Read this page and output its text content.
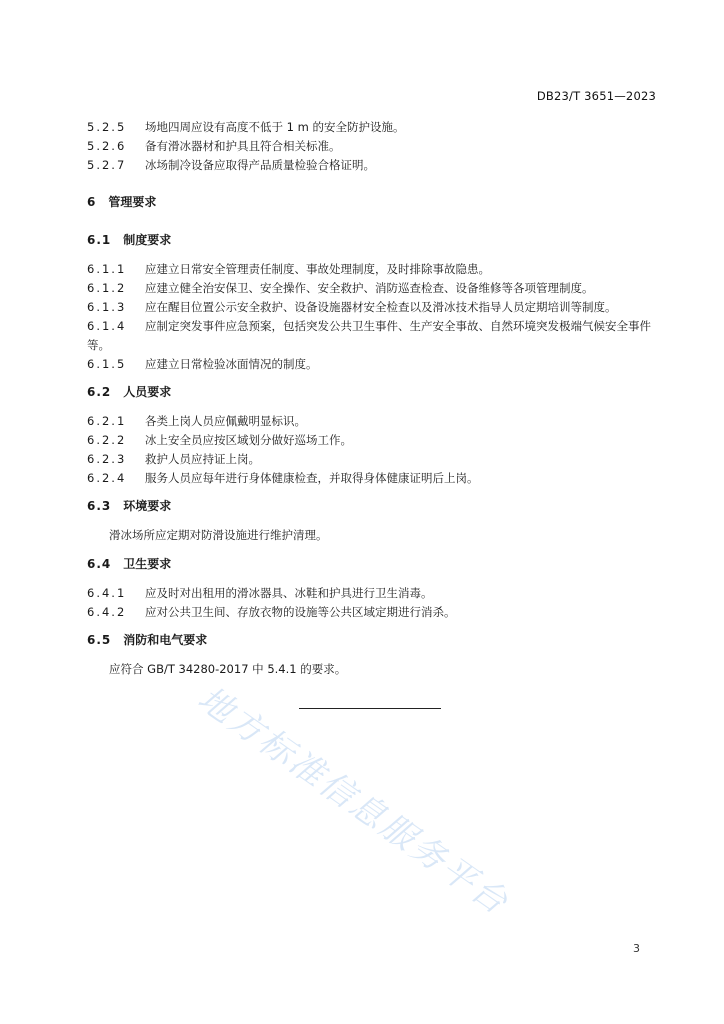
DB23/T 3651—2023
地方标准信息服务平台
5.2.5 场地四周应设有高度不低于 1 m 的安全防护设施。
5.2.6 备有滑冰器材和护具且符合相关标准。
5.2.7 冰场制冷设备应取得产品质量检验合格证明。
6 管理要求
6.1 制度要求
6.1.1 应建立日常安全管理责任制度、事故处理制度，及时排除事故隐患。
6.1.2 应建立健全治安保卫、安全操作、安全救护、消防巡查检查、设备维修等各项管理制度。
6.1.3 应在醒目位置公示安全救护、设备设施器材安全检查以及滑冰技术指导人员定期培训等制度。
6.1.4 应制定突发事件应急预案，包括突发公共卫生事件、生产安全事故、自然环境突发极端气候安全事件等。
6.1.5 应建立日常检验冰面情况的制度。
6.2 人员要求
6.2.1 各类上岗人员应佩戴明显标识。
6.2.2 冰上安全员应按区域划分做好巡场工作。
6.2.3 救护人员应持证上岗。
6.2.4 服务人员应每年进行身体健康检查，并取得身体健康证明后上岗。
6.3 环境要求
滑冰场所应定期对防滑设施进行维护清理。
6.4 卫生要求
6.4.1 应及时对出租用的滑冰器具、冰鞋和护具进行卫生消毒。
6.4.2 应对公共卫生间、存放衣物的设施等公共区域定期进行消杀。
6.5 消防和电气要求
应符合 GB/T 34280-2017 中 5.4.1 的要求。
3
